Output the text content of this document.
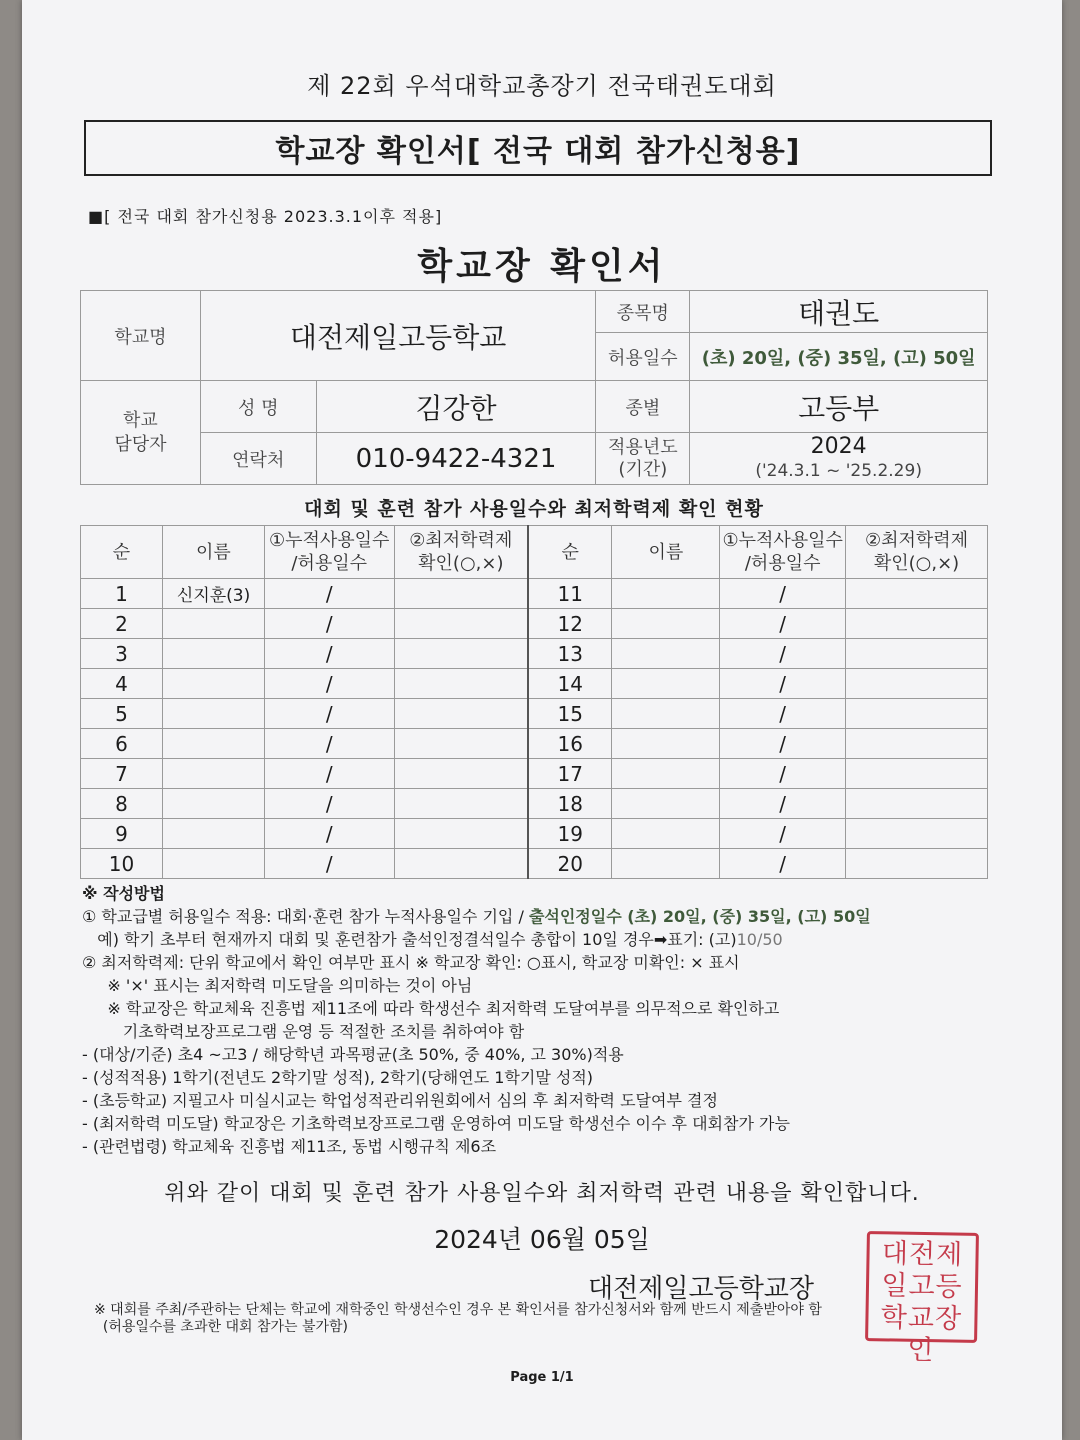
제 22회 우석대학교총장기 전국태권도대회
학교장 확인서[ 전국 대회 참가신청용]
■[ 전국 대회 참가신청용 2023.3.1이후 적용]
학교장 확인서
학교명	대전제일고등학교		종목명	태권도
			허용일수	(초) 20일, (중) 35일, (고) 50일
학교
담당자	성 명	김강한	종별	고등부
	연락처	010-9422-4321	적용년도
(기간)	2024
('24.3.1 ~ '25.2.29)
대회 및 훈련 참가 사용일수와 최저학력제 확인 현황
순	이름	①누적사용일수
/허용일수	②최저학력제
확인(○,×)	순	이름	①누적사용일수
/허용일수	②최저학력제
확인(○,×)
1	신지훈(3)	/		11		/	
2		/		12		/	
3		/		13		/	
4		/		14		/	
5		/		15		/	
6		/		16		/	
7		/		17		/	
8		/		18		/	
9		/		19		/	
10		/		20		/	
※ 작성방법
① 학교급별 허용일수 적용: 대회·훈련 참가 누적사용일수 기입 / 출석인정일수 (초) 20일, (중) 35일, (고) 50일
예) 학기 초부터 현재까지 대회 및 훈련참가 출석인정결석일수 총합이 10일 경우➡표기: (고)10/50
② 최저학력제: 단위 학교에서 확인 여부만 표시 ※ 학교장 확인: ○표시, 학교장 미확인: × 표시
※ '×' 표시는 최저학력 미도달을 의미하는 것이 아님
※ 학교장은 학교체육 진흥법 제11조에 따라 학생선수 최저학력 도달여부를 의무적으로 확인하고
기초학력보장프로그램 운영 등 적절한 조치를 취하여야 함
- (대상/기준) 초4 ~고3 / 해당학년 과목평균(초 50%, 중 40%, 고 30%)적용
- (성적적용) 1학기(전년도 2학기말 성적), 2학기(당해연도 1학기말 성적)
- (초등학교) 지필고사 미실시교는 학업성적관리위원회에서 심의 후 최저학력 도달여부 결정
- (최저학력 미도달) 학교장은 기초학력보장프로그램 운영하여 미도달 학생선수 이수 후 대회참가 가능
- (관련법령) 학교체육 진흥법 제11조, 동법 시행규칙 제6조
위와 같이 대회 및 훈련 참가 사용일수와 최저학력 관련 내용을 확인합니다.
2024년 06월 05일
대전제일고등학교장
대전제일고등학교장인
※ 대회를 주최/주관하는 단체는 학교에 재학중인 학생선수인 경우 본 확인서를 참가신청서와 함께 반드시 제출받아야 함
(허용일수를 초과한 대회 참가는 불가함)
Page 1/1
